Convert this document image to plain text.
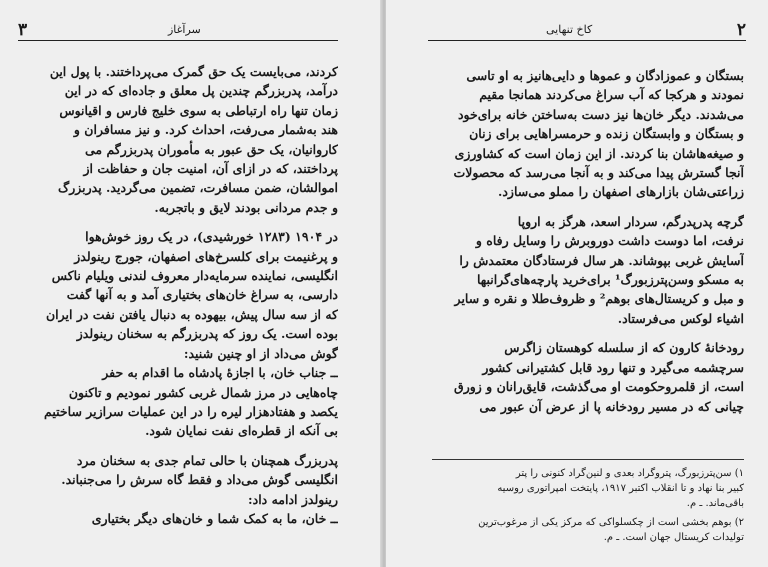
۳	سرآغاز

کردند، می‌بایست یک حق گمرک می‌پرداختند. با پول این
درآمد، پدربزرگم چندین پل معلق و جاده‌ای که در این
زمان تنها راه ارتباطی به سوی خلیج فارس و اقیانوس
هند به‌شمار می‌رفت، احداث کرد. و نیز مسافران و
کاروانیان، یک حق عبور به مأموران پدربزرگم می‌
پرداختند، که در ازای آن، امنیت جان و حفاظت از
اموالشان، ضمن مسافرت، تضمین می‌گردید. پدربزرگ
و جدم مردانی بودند لایق و باتجربه.

در ۱۹۰۴ (۱۲۸۳ خورشیدی)، در یک روز خوش‌هوا
و پرغنیمت برای کلسرخ‌های اصفهان، جورج رینولدز
انگلیسی، نماینده سرمایه‌دار معروف لندنی ویلیام ناکس
دارسی، به سراغ خان‌های بختیاری آمد و به آنها گفت
که از سه سال پیش، بیهوده به دنبال یافتن نفت در ایران
بوده است. یک روز که پدربزرگم به سخنان رینولدز
گوش می‌داد از او چنین شنید:
ــ جناب خان، با اجازهٔ پادشاه ما اقدام به حفر
چاه‌هایی در مرز شمال غربی کشور نمودیم و تاکنون
یکصد و هفتادهزار لیره را در این عملیات سرازیر ساختیم
بی آنکه از قطره‌ای نفت نمایان شود.

پدربزرگ همچنان با حالی تمام جدی به سخنان مرد
انگلیسی گوش می‌داد و فقط گاه سرش را می‌جنباند.
رینولدز ادامه داد:
ــ خان، ما به کمک شما و خان‌های دیگر بختیاری

کاخ تنهایی	۲

بستگان و عموزادگان و عموها و دایی‌هانیز به او تاسی
نمودند و هرکجا که آب سراغ می‌کردند همانجا مقیم
می‌شدند. دیگر خان‌ها نیز دست به‌ساختن خانه برای‌خود
و بستگان و وابستگان زنده و حرمسراهایی برای زنان
و صیغه‌هاشان بنا کردند. از این زمان است که کشاورزی
آنجا گسترش پیدا می‌کند و به آنجا می‌رسد که محصولات
زراعتی‌شان بازارهای اصفهان را مملو می‌سازد.

گرچه پدرپدرگم، سردار اسعد، هرگز به اروپا
نرفت، اما دوست داشت دوروبرش را وسایل رفاه و
آسایش غربی بپوشاند. هر سال فرستادگان معتمدش را
به مسکو وسن‌پترزبورگ¹ برای‌خرید پارچه‌های‌گرانبها
و مبل و کریستال‌های بوهم² و ظروف‌طلا و نقره و سایر
اشیاء لوکس می‌فرستاد.

رودخانهٔ کارون که از سلسله کوهستان زاگرس
سرچشمه می‌گیرد و تنها رود قابل کشتیرانی کشور
است، از قلمروحکومت او می‌گذشت، قایق‌رانان و زورق‌
چیانی که در مسیر رودخانه پا از عرض آن عبور می‌

۱) سن‌پترزبورگ، پتروگراد بعدی و لنین‌گراد کنونی را پتر
کبیر بنا نهاد و تا انقلاب اکتبر ۱۹۱۷، پایتخت امپراتوری روسیه
باقی‌ماند. ـ م.

۲) بوهم بخشی است از چکسلواکی که مرکز یکی از مرغوب‌ترین
تولیدات کریستال جهان است. ـ م.
